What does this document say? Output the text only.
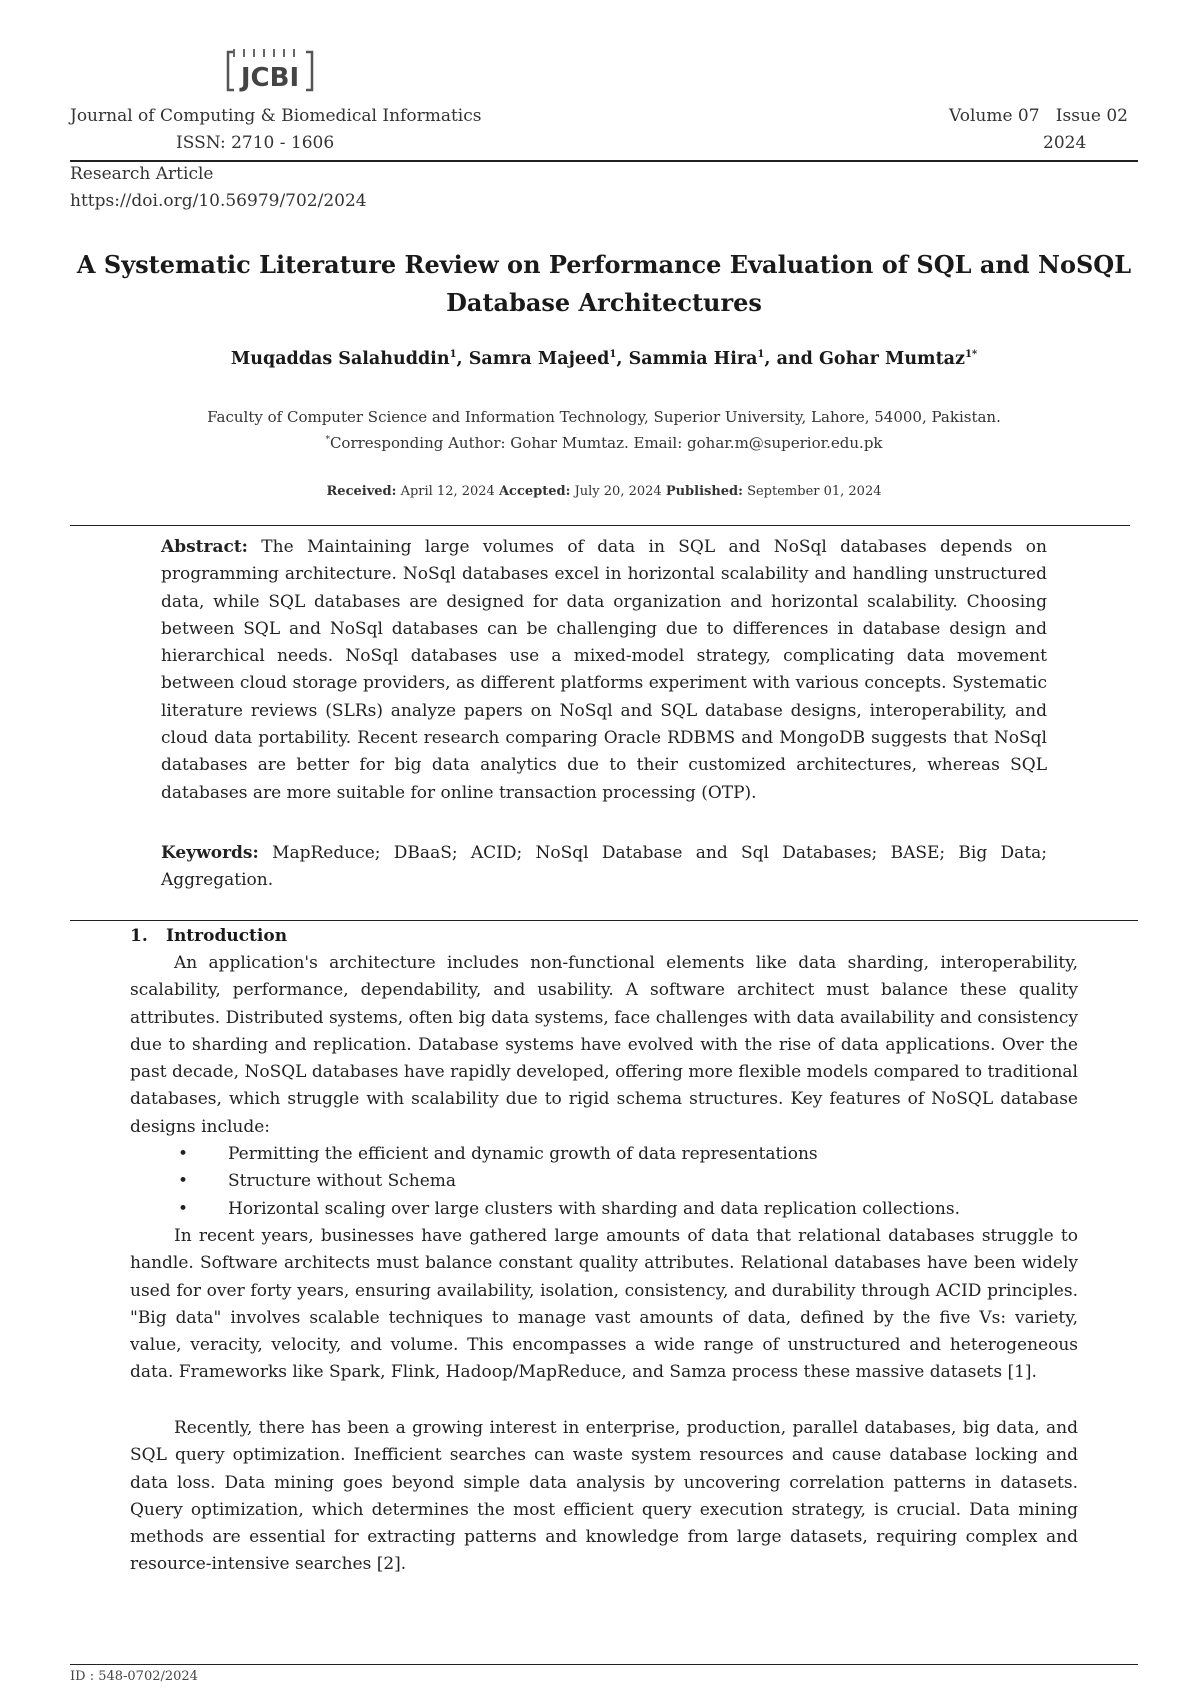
JCBI
Journal of Computing & Biomedical Informatics
ISSN: 2710 - 1606
Volume 07 Issue 02
2024
Research Article
https://doi.org/10.56979/702/2024
A Systematic Literature Review on Performance Evaluation of SQL and NoSQL
Database Architectures
Muqaddas Salahuddin$^1$, Samra Majeed$^1$, Sammia Hira$^1$, and Gohar Mumtaz$^{1*}$
Faculty of Computer Science and Information Technology, Superior University, Lahore, 54000, Pakistan.
*Corresponding Author: Gohar Mumtaz. Email: gohar.m@superior.edu.pk
Received: April 12, 2024 Accepted: July 20, 2024 Published: September 01, 2024
Abstract: The Maintaining large volumes of data in SQL and NoSql databases depends on programming architecture. NoSql databases excel in horizontal scalability and handling unstructured data, while SQL databases are designed for data organization and horizontal scalability. Choosing between SQL and NoSql databases can be challenging due to differences in database design and hierarchical needs. NoSql databases use a mixed-model strategy, complicating data movement between cloud storage providers, as different platforms experiment with various concepts. Systematic literature reviews (SLRs) analyze papers on NoSql and SQL database designs, interoperability, and cloud data portability. Recent research comparing Oracle RDBMS and MongoDB suggests that NoSql databases are better for big data analytics due to their customized architectures, whereas SQL databases are more suitable for online transaction processing (OTP).
Keywords: MapReduce; DBaaS; ACID; NoSql Database and Sql Databases; BASE; Big Data; Aggregation.
1. Introduction
An application's architecture includes non-functional elements like data sharding, interoperability, scalability, performance, dependability, and usability. A software architect must balance these quality attributes. Distributed systems, often big data systems, face challenges with data availability and consistency due to sharding and replication. Database systems have evolved with the rise of data applications. Over the past decade, NoSQL databases have rapidly developed, offering more flexible models compared to traditional databases, which struggle with scalability due to rigid schema structures. Key features of NoSQL database designs include:
• Permitting the efficient and dynamic growth of data representations
• Structure without Schema
• Horizontal scaling over large clusters with sharding and data replication collections.
In recent years, businesses have gathered large amounts of data that relational databases struggle to handle. Software architects must balance constant quality attributes. Relational databases have been widely used for over forty years, ensuring availability, isolation, consistency, and durability through ACID principles. "Big data" involves scalable techniques to manage vast amounts of data, defined by the five Vs: variety, value, veracity, velocity, and volume. This encompasses a wide range of unstructured and heterogeneous data. Frameworks like Spark, Flink, Hadoop/MapReduce, and Samza process these massive datasets [1].
Recently, there has been a growing interest in enterprise, production, parallel databases, big data, and SQL query optimization. Inefficient searches can waste system resources and cause database locking and data loss. Data mining goes beyond simple data analysis by uncovering correlation patterns in datasets. Query optimization, which determines the most efficient query execution strategy, is crucial. Data mining methods are essential for extracting patterns and knowledge from large datasets, requiring complex and resource-intensive searches [2].
ID : 548-0702/2024
